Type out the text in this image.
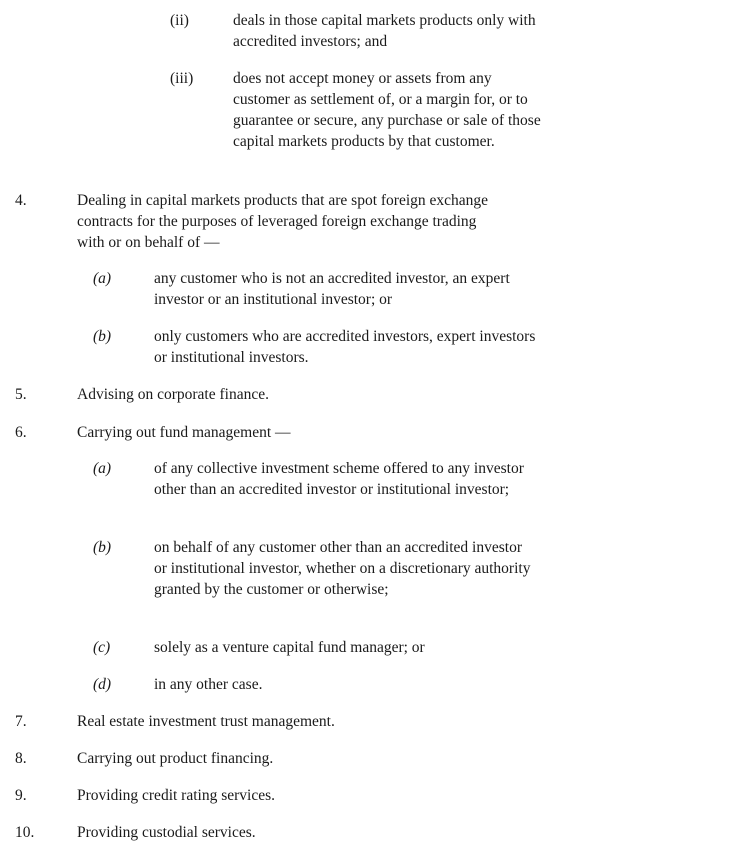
(ii)	deals in those capital markets products only with accredited investors; and
(iii)	does not accept money or assets from any customer as settlement of, or a margin for, or to guarantee or secure, any purchase or sale of those capital markets products by that customer.
4.	Dealing in capital markets products that are spot foreign exchange contracts for the purposes of leveraged foreign exchange trading with or on behalf of —
(a)	any customer who is not an accredited investor, an expert investor or an institutional investor; or
(b)	only customers who are accredited investors, expert investors or institutional investors.
5.	Advising on corporate finance.
6.	Carrying out fund management —
(a)	of any collective investment scheme offered to any investor other than an accredited investor or institutional investor;
(b)	on behalf of any customer other than an accredited investor or institutional investor, whether on a discretionary authority granted by the customer or otherwise;
(c)	solely as a venture capital fund manager; or
(d)	in any other case.
7.	Real estate investment trust management.
8.	Carrying out product financing.
9.	Providing credit rating services.
10.	Providing custodial services.
